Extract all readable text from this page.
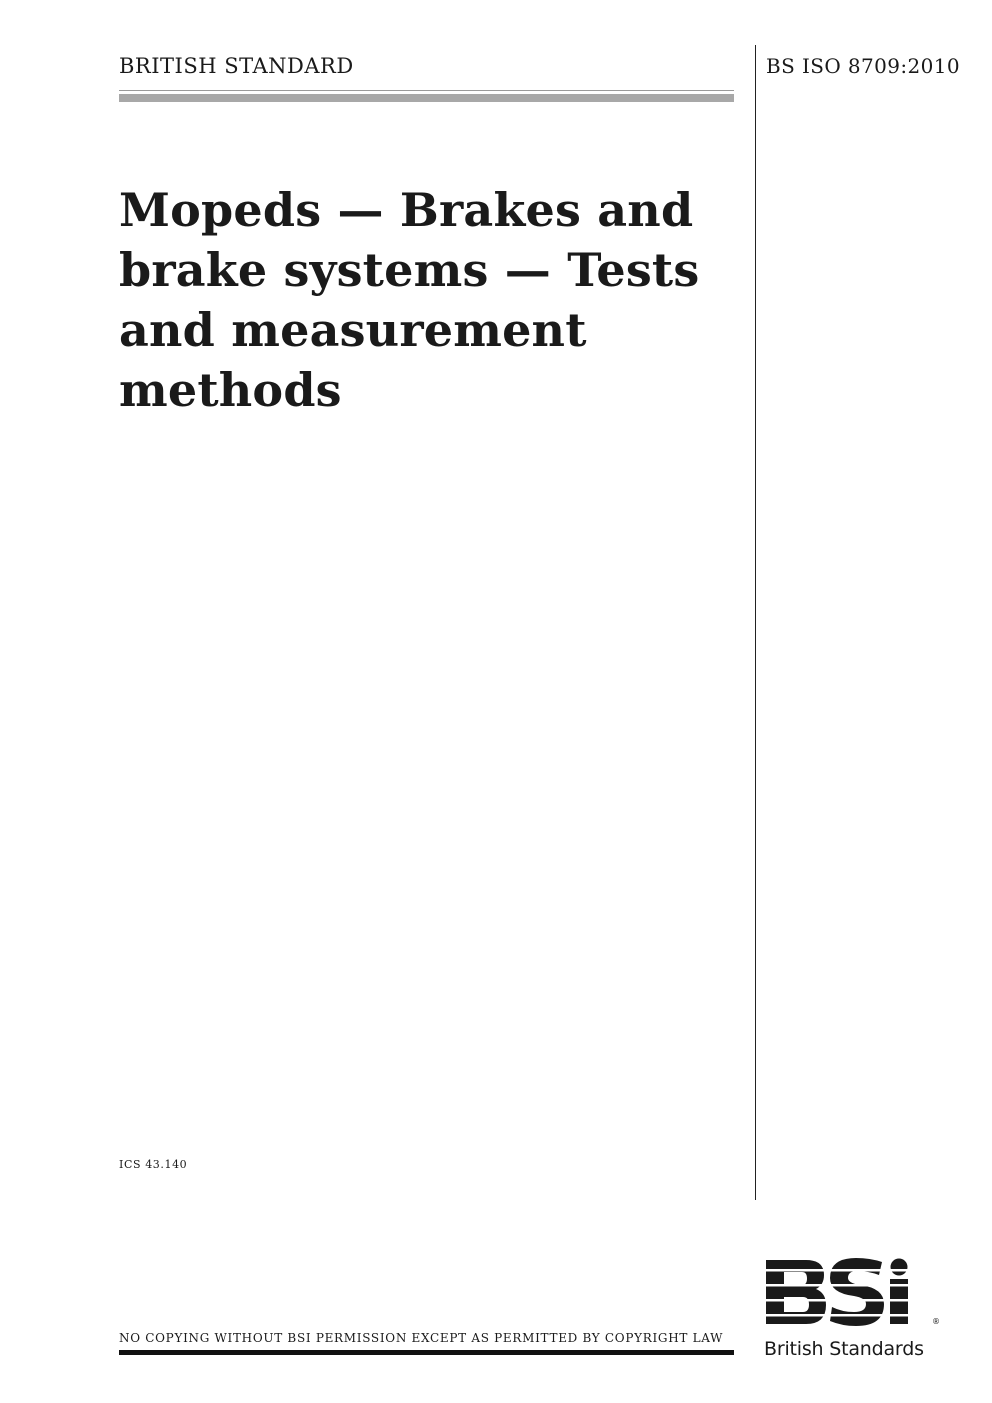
BRITISH STANDARD	BS ISO 8709:2010
Mopeds — Brakes and brake systems — Tests and measurement methods
ICS 43.140
NO COPYING WITHOUT BSI PERMISSION EXCEPT AS PERMITTED BY COPYRIGHT LAW
®
British Standards
